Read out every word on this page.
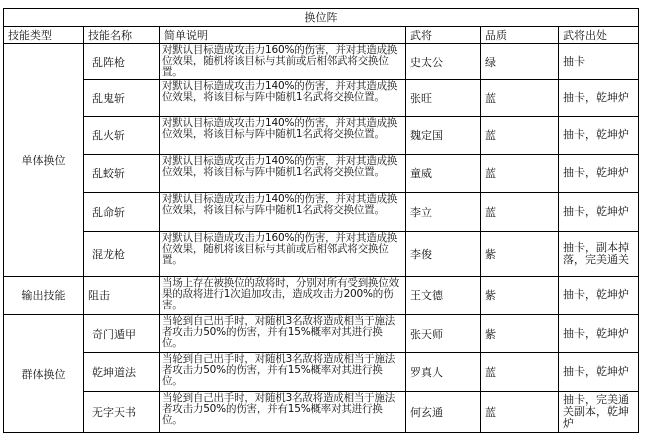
换位阵					
技能类型	技能名称	简单说明	武将	品质	武将出处
单体换位	乱阵枪	对默认目标造成攻击力160%的伤害，并对其造成换位效果，随机将该目标与其前或后相邻武将交换位置。	史太公	绿	抽卡
	乱鬼斩	对默认目标造成攻击力140%的伤害，并对其造成换位效果，将该目标与阵中随机1名武将交换位置。	张旺	蓝	抽卡，乾坤炉
	乱火斩	对默认目标造成攻击力140%的伤害，并对其造成换位效果，将该目标与阵中随机1名武将交换位置。	魏定国	蓝	抽卡，乾坤炉
	乱蛟斩	对默认目标造成攻击力140%的伤害，并对其造成换位效果，将该目标与阵中随机1名武将交换位置。	童威	蓝	抽卡，乾坤炉
	乱命斩	对默认目标造成攻击力140%的伤害，并对其造成换位效果，将该目标与阵中随机1名武将交换位置。	李立	蓝	抽卡，乾坤炉
	混龙枪	对默认目标造成攻击力160%的伤害，并对其造成换位效果，随机将该目标与其前或后相邻武将交换位置。	李俊	紫	抽卡，副本掉落，完美通关
输出技能	阻击	当场上存在被换位的敌将时，分别对所有受到换位效果的敌将进行1次追加攻击，造成攻击力200%的伤害。	王文德	紫	抽卡，乾坤炉
群体换位	奇门遁甲	当轮到自己出手时，对随机3名敌将造成相当于施法者攻击力50%的伤害，并有15%概率对其进行换位。	张天师	紫	抽卡，乾坤炉
	乾坤道法	当轮到自己出手时，对随机3名敌将造成相当于施法者攻击力50%的伤害，并有15%概率对其进行换位。	罗真人	蓝	抽卡，乾坤炉
	无字天书	当轮到自己出手时，对随机3名敌将造成相当于施法者攻击力50%的伤害，并有15%概率对其进行换位。	何玄通	蓝	抽卡，完美通关副本，乾坤炉
